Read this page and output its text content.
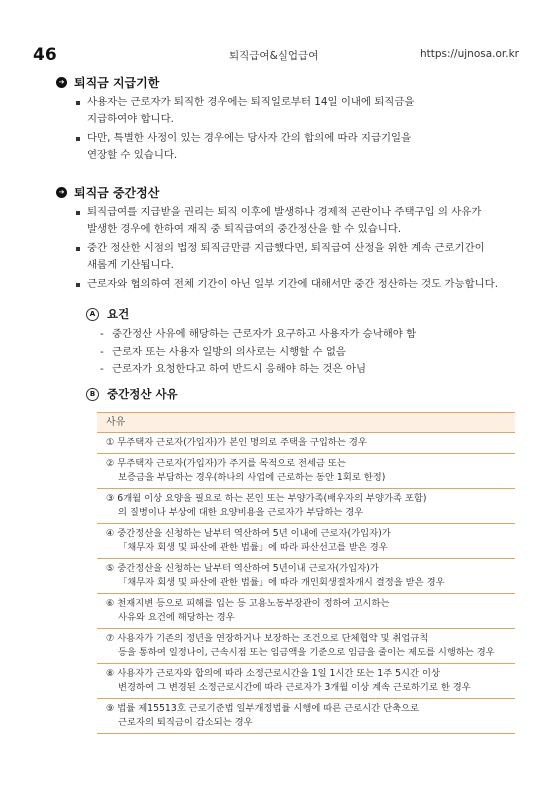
46	퇴직급여&실업급여	https://ujnosa.or.kr
➔ 퇴직금 지급기한
사용자는 근로자가 퇴직한 경우에는 퇴직일로부터 14일 이내에 퇴직금을
지급하여야 합니다.
다만, 특별한 사정이 있는 경우에는 당사자 간의 합의에 따라 지급기일을
연장할 수 있습니다.
➔ 퇴직금 중간정산
퇴직급여를 지급받을 권리는 퇴직 이후에 발생하나 경제적 곤란이나 주택구입 의 사유가
발생한 경우에 한하여 재직 중 퇴직급여의 중간정산을 할 수 있습니다.
중간 정산한 시점의 법정 퇴직금만큼 지급했다면, 퇴직급여 산정을 위한 계속 근로기간이
새롭게 기산됩니다.
근로자와 협의하여 전체 기간이 아닌 일부 기간에 대해서만 중간 정산하는 것도 가능합니다.
A	요건
- 중간정산 사유에 해당하는 근로자가 요구하고 사용자가 승낙해야 함
- 근로자 또는 사용자 일방의 의사로는 시행할 수 없음
- 근로자가 요청한다고 하여 반드시 응해야 하는 것은 아님
B	중간정산 사유
사유
① 무주택자 근로자(가입자)가 본인 명의로 주택을 구입하는 경우
② 무주택자 근로자(가입자)가 주거를 목적으로 전세금 또는
보증금을 부담하는 경우(하나의 사업에 근로하는 동안 1회로 한정)
③ 6개월 이상 요양을 필요로 하는 본인 또는 부양가족(배우자의 부양가족 포함)
의 질병이나 부상에 대한 요양비용을 근로자가 부담하는 경우
④ 중간정산을 신청하는 날부터 역산하여 5년 이내에 근로자(가입자)가
「채무자 회생 및 파산에 관한 법률」에 따라 파산선고를 받은 경우
⑤ 중간정산을 신청하는 날부터 역산하여 5년이내 근로자(가입자)가
「채무자 회생 및 파산에 관한 법률」에 따라 개인회생절차개시 결정을 받은 경우
⑥ 천재지변 등으로 피해를 입는 등 고용노동부장관이 정하여 고시하는
사유와 요건에 해당하는 경우
⑦ 사용자가 기존의 정년을 연장하거나 보장하는 조건으로 단체협약 및 취업규칙
등을 통하여 일정나이, 근속시점 또는 임금액을 기준으로 임금을 줄이는 제도를 시행하는 경우
⑧ 사용자가 근로자와 합의에 따라 소정근로시간을 1일 1시간 또는 1주 5시간 이상
변경하여 그 변경된 소정근로시간에 따라 근로자가 3개월 이상 계속 근로하기로 한 경우
⑨ 법률 제15513호 근로기준법 일부개정법률 시행에 따른 근로시간 단축으로
근로자의 퇴직금이 감소되는 경우
